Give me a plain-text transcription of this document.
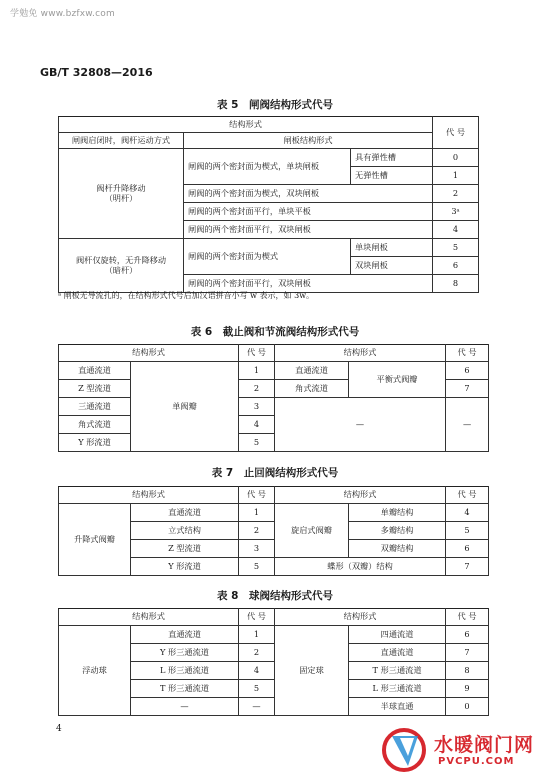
学勉免 www.bzfxw.com
GB/T 32808—2016
表 5　闸阀结构形式代号
结构形式			代 号
闸阀启闭时，阀杆运动方式	闸板结构形式		
阀杆升降移动
（明杆）	闸阀的两个密封面为楔式，单块闸板	具有弹性槽	0
		无弹性槽	1
	闸阀的两个密封面为楔式，双块闸板		2
	闸阀的两个密封面平行，单块平板		3ᵃ
	闸阀的两个密封面平行，双块闸板		4
阀杆仅旋转，无升降移动
（暗杆）	闸阀的两个密封面为楔式	单块闸板	5
		双块闸板	6
	闸阀的两个密封面平行，双块闸板		8
ᵃ 闸板无导流孔的，在结构形式代号后加汉语拼音小写 w 表示，如 3w。
表 6　截止阀和节流阀结构形式代号
结构形式		代 号	结构形式		代 号
直通流道	单阀瓣	1	直通流道	平衡式阀瓣	6
Z 型流道		2	角式流道		7
三通流道		3	—		—
角式流道		4			
Y 形流道		5			
表 7　止回阀结构形式代号
结构形式		代 号	结构形式		代 号
升降式阀瓣	直通流道	1	旋启式阀瓣	单瓣结构	4
	立式结构	2		多瓣结构	5
	Z 型流道	3		双瓣结构	6
	Y 形流道	5	蝶形（双瓣）结构		7
表 8　球阀结构形式代号
结构形式		代 号	结构形式		代 号
浮动球	直通流道	1	固定球	四通流道	6
	Y 形三通流道	2		直通流道	7
	L 形三通流道	4		T 形三通流道	8
	T 形三通流道	5		L 形三通流道	9
	—	—		半球直通	0
4
水暖阀门网
PVCPU.COM
